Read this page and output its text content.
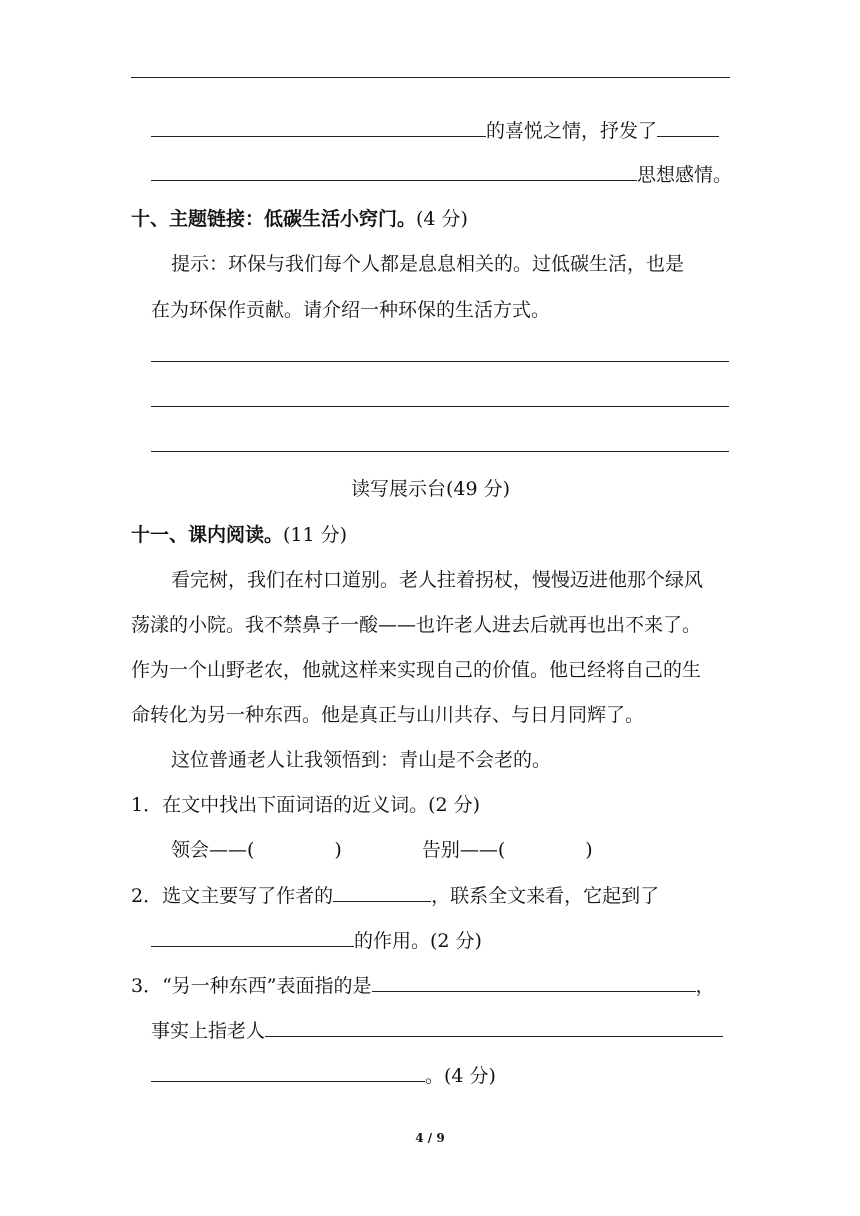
的喜悦之情，抒发了
思想感情。
十、主题链接：低碳生活小窍门。(4 分)
提示：环保与我们每个人都是息息相关的。过低碳生活，也是
在为环保作贡献。请介绍一种环保的生活方式。
读写展示台(49 分)
十一、课内阅读。(11 分)
看完树，我们在村口道别。老人拄着拐杖，慢慢迈进他那个绿风
荡漾的小院。我不禁鼻子一酸——也许老人进去后就再也出不来了。
作为一个山野老农，他就这样来实现自己的价值。他已经将自己的生
命转化为另一种东西。他是真正与山川共存、与日月同辉了。
这位普通老人让我领悟到：青山是不会老的。
1．在文中找出下面词语的近义词。(2 分)
领会——(	)	告别——(	)
2．选文主要写了作者的	，联系全文来看，它起到了
的作用。(2 分)
3．“另一种东西”表面指的是	，
事实上指老人
。(4 分)
4 / 9
